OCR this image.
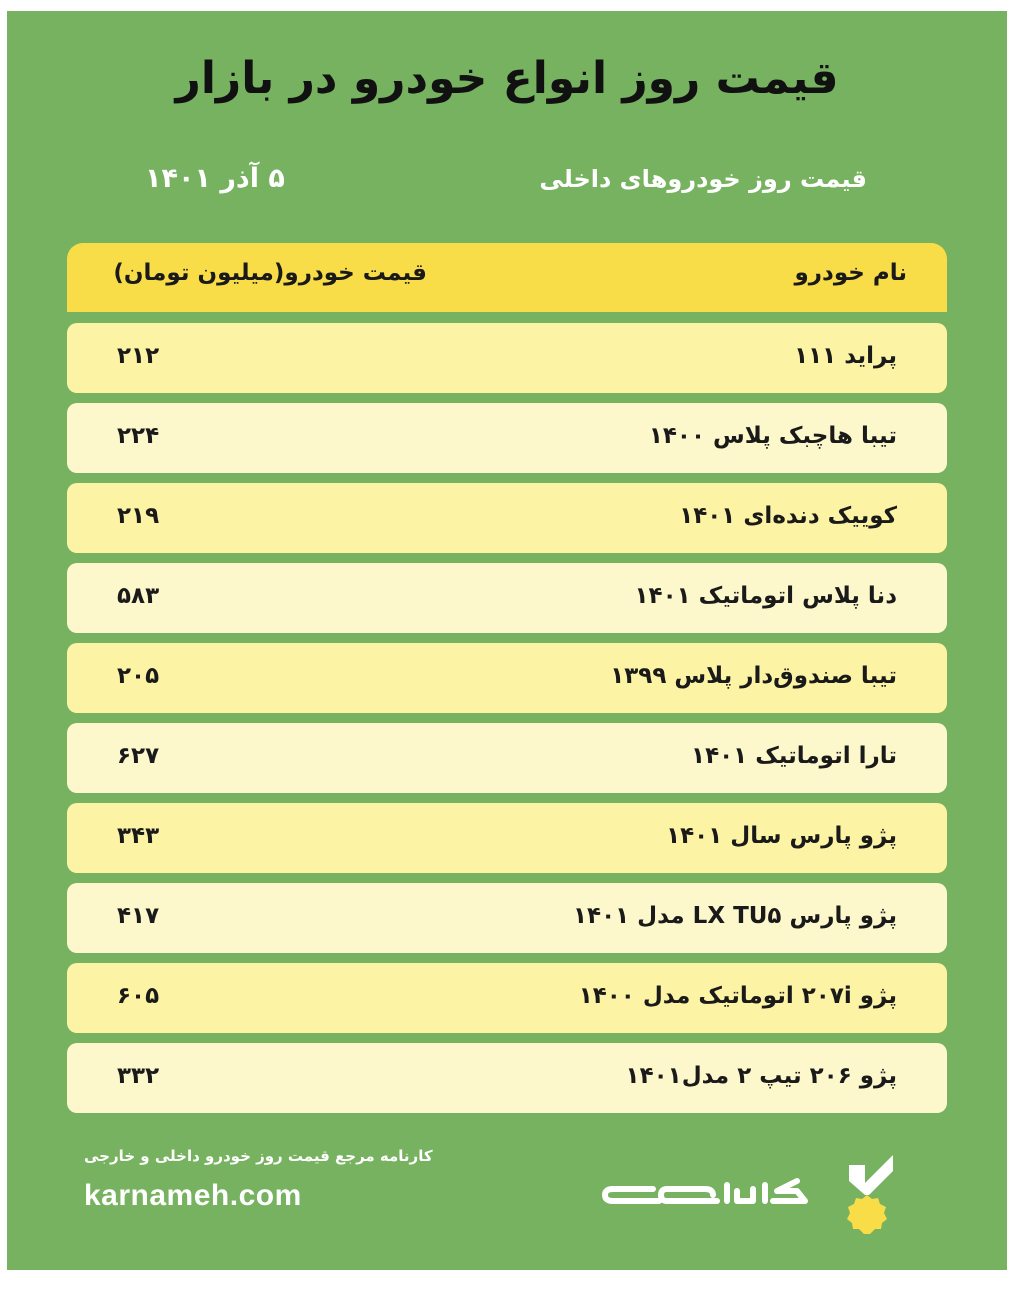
قیمت روز انواع خودرو در بازار
قیمت روز خودروهای داخلی
۵ آذر ۱۴۰۱
نام خودرو
قیمت خودرو(میلیون تومان)
پراید ۱۱۱
۲۱۲
تیبا هاچبک پلاس ۱۴۰۰
۲۲۴
کوییک دنده‌ای ۱۴۰۱
۲۱۹
دنا پلاس اتوماتیک ۱۴۰۱
۵۸۳
تیبا صندوق‌دار پلاس ۱۳۹۹
۲۰۵
تارا اتوماتیک ۱۴۰۱
۶۲۷
پژو پارس سال ۱۴۰۱
۳۴۳
پژو پارس LX TU۵ مدل ۱۴۰۱
۴۱۷
پژو ۲۰۷i اتوماتیک مدل ۱۴۰۰
۶۰۵
پژو ۲۰۶ تیپ ۲ مدل۱۴۰۱
۳۳۲
کارنامه مرجع قیمت روز خودرو داخلی و خارجی
karnameh.com
